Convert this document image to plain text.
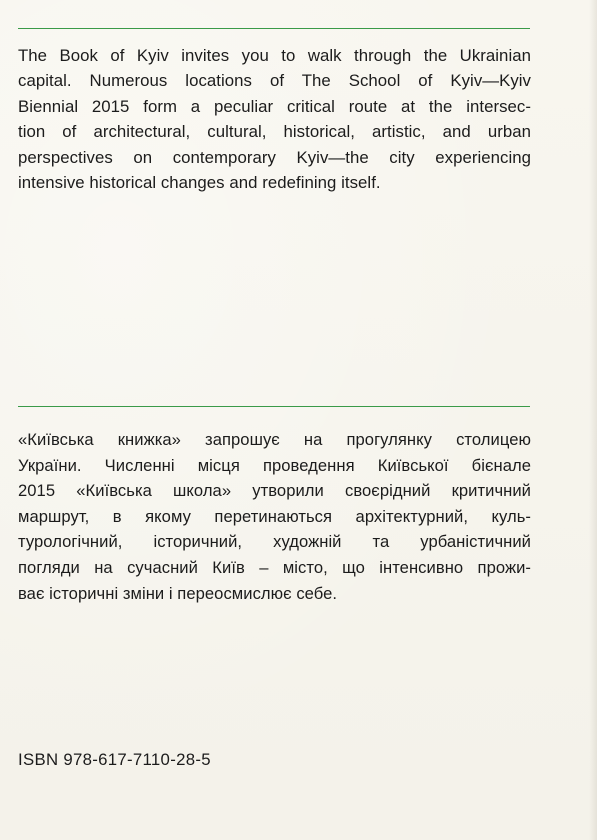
The Book of Kyiv invites you to walk through the Ukrainian
capital. Numerous locations of The School of Kyiv—Kyiv
Biennial 2015 form a peculiar critical route at the intersec-
tion of architectural, cultural, historical, artistic, and urban
perspectives on contemporary Kyiv—the city experiencing
intensive historical changes and redefining itself.

«Київська книжка» запрошує на прогулянку столицею
України. Численні місця проведення Київської бієнале
2015 «Київська школа» утворили своєрідний критичний
маршрут, в якому перетинаються архітектурний, куль-
турологічний, історичний, художній та урбаністичний
погляди на сучасний Київ – місто, що інтенсивно прожи-
ває історичні зміни і переосмислює себе.

ISBN 978-617-7110-28-5
